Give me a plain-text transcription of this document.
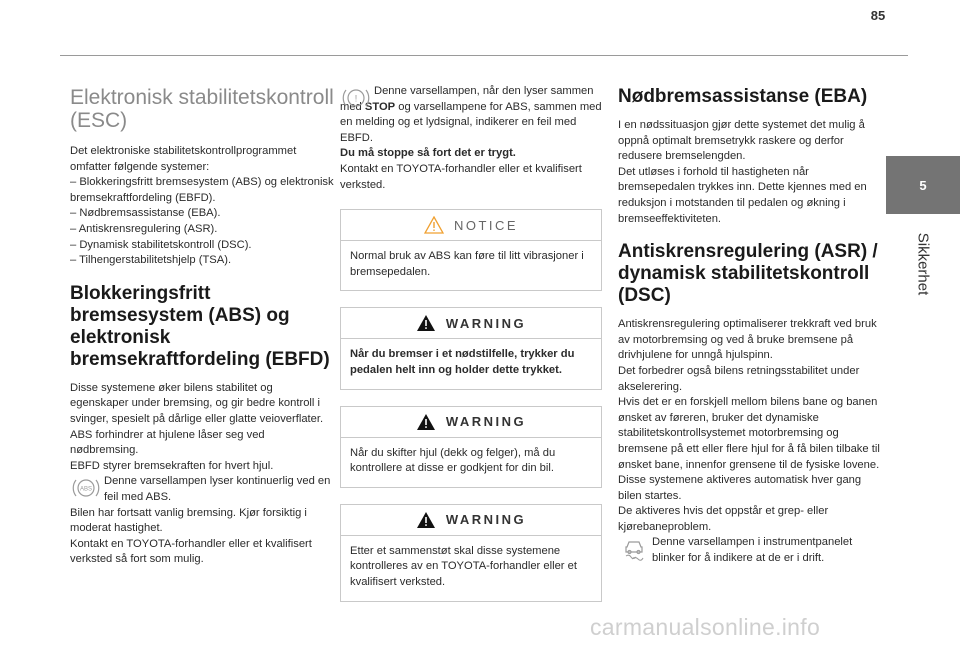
85
5
Sikkerhet
Elektronisk stabilitetskontroll (ESC)

Det elektroniske stabilitetskontrollprogrammet omfatter følgende systemer:

– Blokkeringsfritt bremsesystem (ABS) og elektronisk bremsekraftfordeling (EBFD).

– Nødbremsassistanse (EBA).

– Antiskrensregulering (ASR).

– Dynamisk stabilitetskontroll (DSC).

– Tilhengerstabilitetshjelp (TSA).

Blokkeringsfritt bremsesystem (ABS) og elektronisk bremsekraftfordeling (EBFD)

Disse systemene øker bilens stabilitet og egenskaper under bremsing, og gir bedre kontroll i svinger, spesielt på dårlige eller glatte veioverflater.

ABS forhindrer at hjulene låser seg ved nødbremsing.

EBFD styrer bremsekraften for hvert hjul.

ABS

Denne varsellampen lyser kontinuerlig ved en feil med ABS.

Bilen har fortsatt vanlig bremsing. Kjør forsiktig i moderat hastighet.

Kontakt en TOYOTA-forhandler eller et kvalifisert verksted så fort som mulig.

!

Denne varsellampen, når den lyser sammen med STOP og varsellampene for ABS, sammen med en melding og et lydsignal, indikerer en feil med EBFD.

Du må stoppe så fort det er trygt.

Kontakt en TOYOTA-forhandler eller et kvalifisert verksted.

NOTICE

Normal bruk av ABS kan føre til litt vibrasjoner i bremsepedalen.

WARNING

Når du bremser i et nødstilfelle, trykker du pedalen helt inn og holder dette trykket.

WARNING

Når du skifter hjul (dekk og felger), må du kontrollere at disse er godkjent for din bil.

WARNING

Etter et sammenstøt skal disse systemene kontrolleres av en TOYOTA-forhandler eller et kvalifisert verksted.

Nødbremsassistanse (EBA)

I en nødssituasjon gjør dette systemet det mulig å oppnå optimalt bremsetrykk raskere og derfor redusere bremselengden.

Det utløses i forhold til hastigheten når bremsepedalen trykkes inn. Dette kjennes med en reduksjon i motstanden til pedalen og økning i bremseeffektiviteten.

Antiskrensregulering (ASR) / dynamisk stabilitetskontroll (DSC)

Antiskrensregulering optimaliserer trekkraft ved bruk av motorbremsing og ved å bruke bremsene på drivhjulene for unngå hjulspinn.

Det forbedrer også bilens retningsstabilitet under akselerering.

Hvis det er en forskjell mellom bilens bane og banen ønsket av føreren, bruker det dynamiske stabilitetskontrollsystemet motorbremsing og bremsene på ett eller flere hjul for å få bilen tilbake til ønsket bane, innenfor grensene til de fysiske lovene.

Disse systemene aktiveres automatisk hver gang bilen startes.

De aktiveres hvis det oppstår et grep- eller kjørebaneproblem.

Denne varsellampen i instrumentpanelet blinker for å indikere at de er i drift.

carmanualsonline.info
